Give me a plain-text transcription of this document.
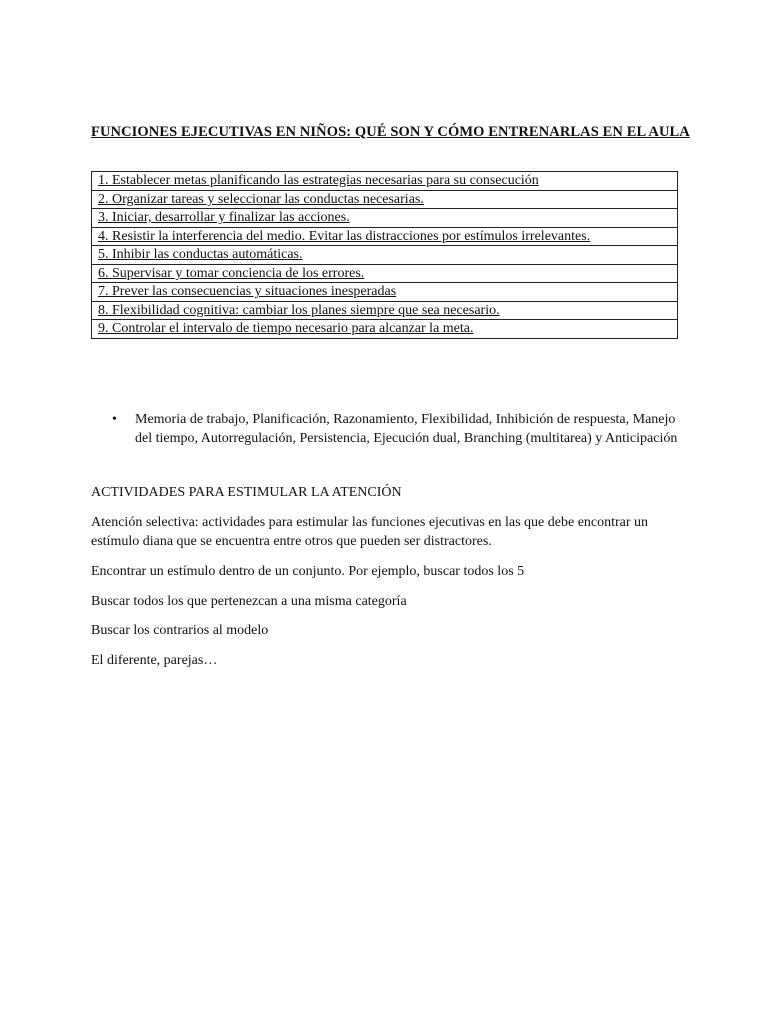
FUNCIONES EJECUTIVAS EN NIÑOS: QUÉ SON Y CÓMO ENTRENARLAS EN EL AULA
1. Establecer metas planificando las estrategias necesarias para su consecución
2. Organizar tareas y seleccionar las conductas necesarias.
3. Iniciar, desarrollar y finalizar las acciones.
4. Resistir la interferencia del medio. Evitar las distracciones por estímulos irrelevantes.
5. Inhibir las conductas automáticas.
6. Supervisar y tomar conciencia de los errores.
7. Prever las consecuencias y situaciones inesperadas
8. Flexibilidad cognitiva: cambiar los planes siempre que sea necesario.
9. Controlar el intervalo de tiempo necesario para alcanzar la meta.
•	Memoria de trabajo, Planificación, Razonamiento, Flexibilidad, Inhibición de respuesta, Manejo del tiempo, Autorregulación, Persistencia, Ejecución dual, Branching (multitarea) y Anticipación
ACTIVIDADES PARA ESTIMULAR LA ATENCIÓN
Atención selectiva: actividades para estimular las funciones ejecutivas en las que debe encontrar un estímulo diana que se encuentra entre otros que pueden ser distractores.
Encontrar un estímulo dentro de un conjunto. Por ejemplo, buscar todos los 5
Buscar todos los que pertenezcan a una misma categoría
Buscar los contrarios al modelo
El diferente, parejas…
